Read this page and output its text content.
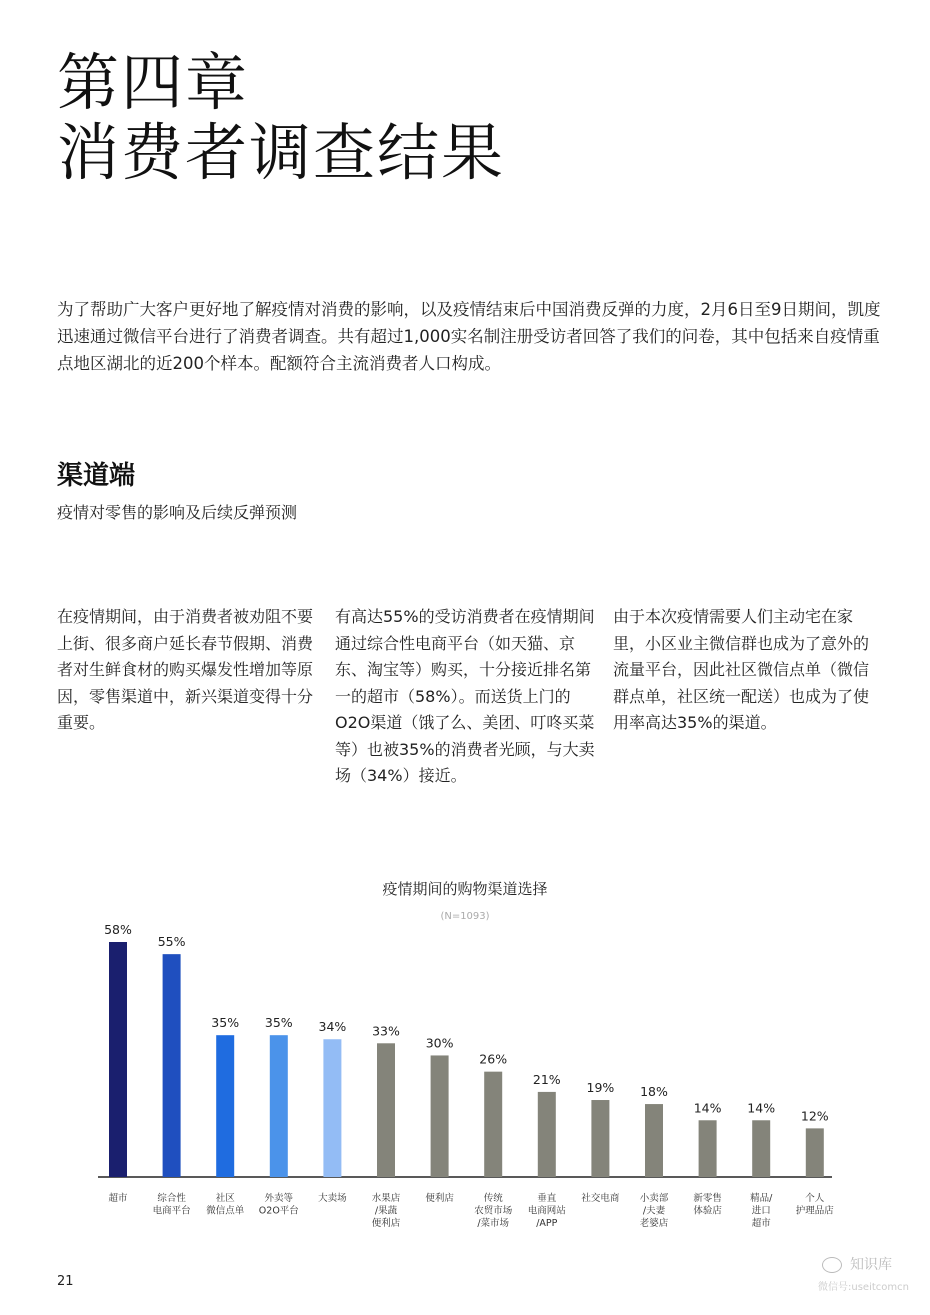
第四章
消费者调查结果

为了帮助广大客户更好地了解疫情对消费的影响，以及疫情结束后中国消费反弹的力度，2月6日至9日期间，凯度迅速通过微信平台进行了消费者调查。共有超过1,000实名制注册受访者回答了我们的问卷，其中包括来自疫情重点地区湖北的近200个样本。配额符合主流消费者人口构成。

渠道端

疫情对零售的影响及后续反弹预测

在疫情期间，由于消费者被劝阻不要上街、很多商户延长春节假期、消费者对生鲜食材的购买爆发性增加等原因，零售渠道中，新兴渠道变得十分重要。

有高达55%的受访消费者在疫情期间通过综合性电商平台（如天猫、京东、淘宝等）购买，十分接近排名第一的超市（58%）。而送货上门的O2O渠道（饿了么、美团、叮咚买菜等）也被35%的消费者光顾，与大卖场（34%）接近。

由于本次疫情需要人们主动宅在家里，小区业主微信群也成为了意外的流量平台，因此社区微信点单（微信群点单，社区统一配送）也成为了使用率高达35%的渠道。

疫情期间的购物渠道选择
(N=1093)
58%
超市
55%
综合性
电商平台
35%
社区
微信点单
35%
外卖等
O2O平台
34%
大卖场
33%
水果店
/果蔬
便利店
30%
便利店
26%
传统
农贸市场
/菜市场
21%
垂直
电商网站
/APP
19%
社交电商
18%
小卖部
/夫妻
老婆店
14%
新零售
体验店
14%
精品/
进口
超市
12%
个人
护理品店
21
知识库
微信号:useitcomcn
